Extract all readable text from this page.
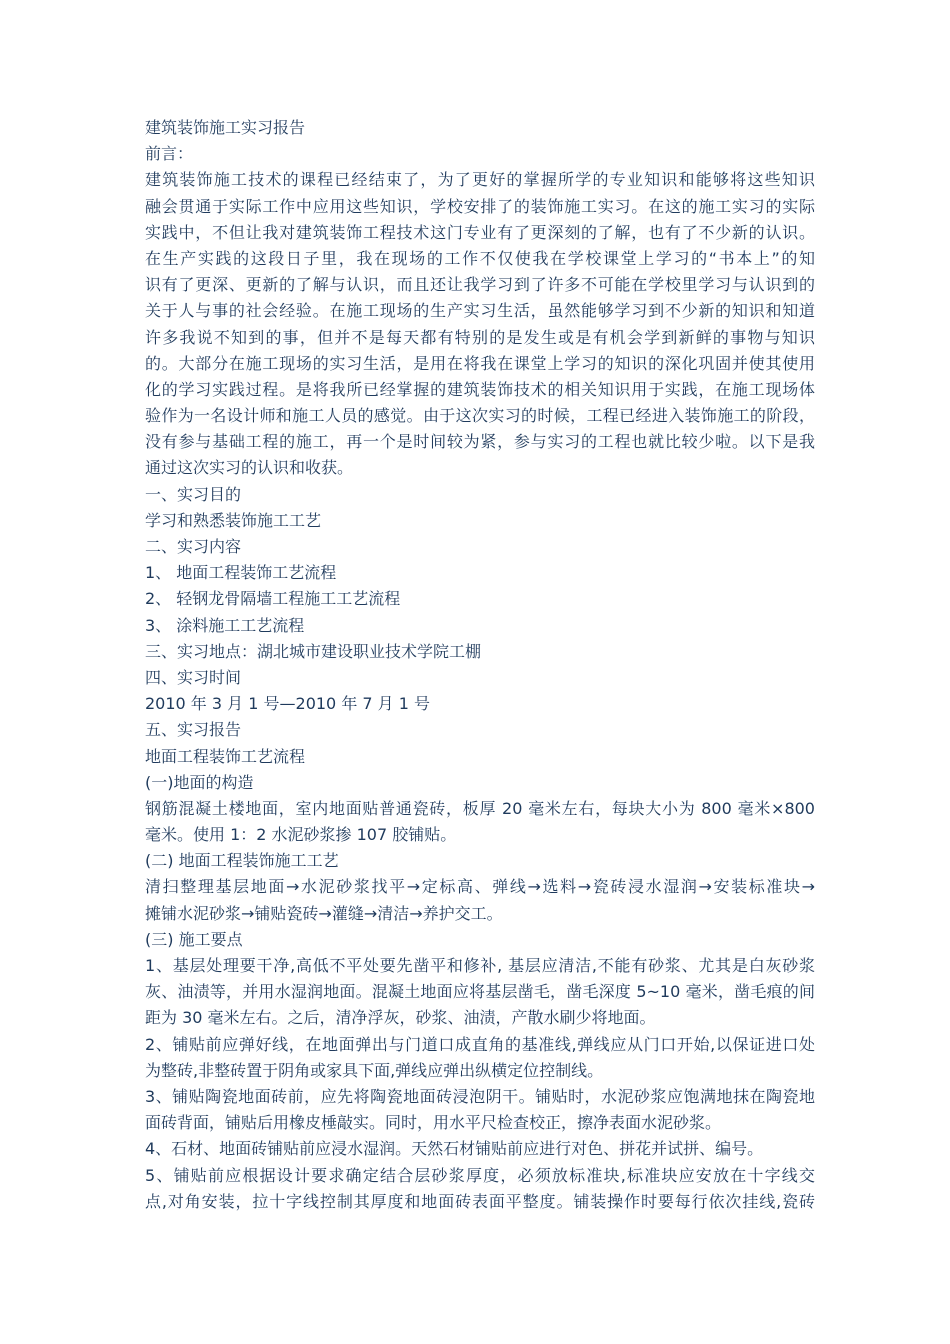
建筑装饰施工实习报告
前言：
建筑装饰施工技术的课程已经结束了，为了更好的掌握所学的专业知识和能够将这些知识
融会贯通于实际工作中应用这些知识，学校安排了的装饰施工实习。在这的施工实习的实际
实践中，不但让我对建筑装饰工程技术这门专业有了更深刻的了解，也有了不少新的认识。
在生产实践的这段日子里，我在现场的工作不仅使我在学校课堂上学习的“书本上”的知
识有了更深、更新的了解与认识，而且还让我学习到了许多不可能在学校里学习与认识到的
关于人与事的社会经验。在施工现场的生产实习生活，虽然能够学习到不少新的知识和知道
许多我说不知到的事，但并不是每天都有特别的是发生或是有机会学到新鲜的事物与知识
的。大部分在施工现场的实习生活，是用在将我在课堂上学习的知识的深化巩固并使其使用
化的学习实践过程。是将我所已经掌握的建筑装饰技术的相关知识用于实践，在施工现场体
验作为一名设计师和施工人员的感觉。由于这次实习的时候，工程已经进入装饰施工的阶段，
没有参与基础工程的施工，再一个是时间较为紧，参与实习的工程也就比较少啦。以下是我
通过这次实习的认识和收获。
一、实习目的
学习和熟悉装饰施工工艺
二、实习内容
1、 地面工程装饰工艺流程
2、 轻钢龙骨隔墙工程施工工艺流程
3、 涂料施工工艺流程
三、实习地点：湖北城市建设职业技术学院工棚
四、实习时间
2010 年 3 月 1 号—2010 年 7 月 1 号
五、实习报告
地面工程装饰工艺流程
(一)地面的构造
钢筋混凝土楼地面，室内地面贴普通瓷砖，板厚 20 毫米左右，每块大小为 800 毫米×800
毫米。使用 1：2 水泥砂浆掺 107 胶铺贴。
(二) 地面工程装饰施工工艺
清扫整理基层地面→水泥砂浆找平→定标高、弹线→选料→瓷砖浸水湿润→安装标准块→
摊铺水泥砂浆→铺贴瓷砖→灌缝→清洁→养护交工。
(三) 施工要点
1、基层处理要干净,高低不平处要先凿平和修补, 基层应清洁,不能有砂浆、尤其是白灰砂浆
灰、油渍等，并用水湿润地面。混凝土地面应将基层凿毛，凿毛深度 5~10 毫米，凿毛痕的间
距为 30 毫米左右。之后，清净浮灰，砂浆、油渍，产散水刷少将地面。
2、铺贴前应弹好线，在地面弹出与门道口成直角的基准线,弹线应从门口开始,以保证进口处
为整砖,非整砖置于阴角或家具下面,弹线应弹出纵横定位控制线。
3、铺贴陶瓷地面砖前，应先将陶瓷地面砖浸泡阴干。铺贴时，水泥砂浆应饱满地抹在陶瓷地
面砖背面，铺贴后用橡皮棰敲实。同时，用水平尺检查校正，擦净表面水泥砂浆。
4、石材、地面砖铺贴前应浸水湿润。天然石材铺贴前应进行对色、拼花并试拼、编号。
5、铺贴前应根据设计要求确定结合层砂浆厚度，必须放标准块,标准块应安放在十字线交
点,对角安装，拉十字线控制其厚度和地面砖表面平整度。铺装操作时要每行依次挂线,瓷砖
